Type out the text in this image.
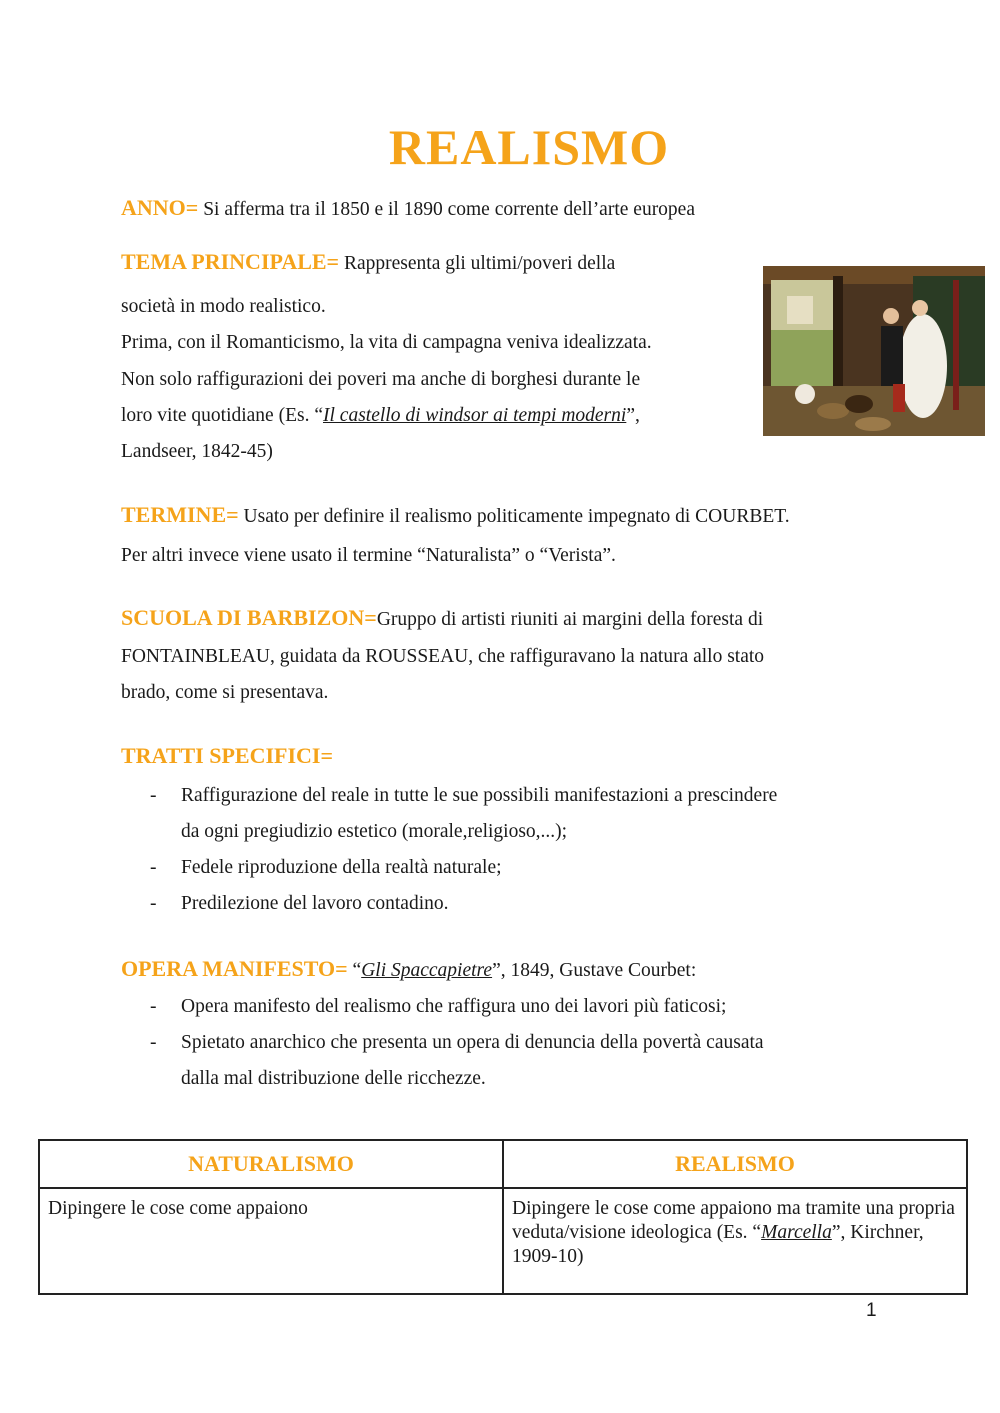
REALISMO
ANNO= Si afferma tra il 1850 e il 1890 come corrente dell’arte europea
TEMA PRINCIPALE= Rappresenta gli ultimi/poveri della
società in modo realistico.
Prima, con il Romanticismo, la vita di campagna veniva idealizzata.
Non solo raffigurazioni dei poveri ma anche di borghesi durante le
loro vite quotidiane (Es. “Il castello di windsor ai tempi moderni”,
Landseer, 1842-45)
TERMINE= Usato per definire il realismo politicamente impegnato di COURBET.
Per altri invece viene usato il termine “Naturalista” o “Verista”.
SCUOLA DI BARBIZON=Gruppo di artisti riuniti ai margini della foresta di
FONTAINBLEAU, guidata da ROUSSEAU, che raffiguravano la natura allo stato
brado, come si presentava.
TRATTI SPECIFICI=
- Raffigurazione del reale in tutte le sue possibili manifestazioni a prescindere
da ogni pregiudizio estetico (morale,religioso,...);
- Fedele riproduzione della realtà naturale;
- Predilezione del lavoro contadino.
OPERA MANIFESTO= “Gli Spaccapietre”, 1849, Gustave Courbet:
- Opera manifesto del realismo che raffigura uno dei lavori più faticosi;
- Spietato anarchico che presenta un opera di denuncia della povertà causata
dalla mal distribuzione delle ricchezze.
NATURALISMO	REALISMO
Dipingere le cose come appaiono	Dipingere le cose come appaiono ma tramite una propria veduta/visione ideologica (Es. “Marcella”, Kirchner, 1909-10)
1
